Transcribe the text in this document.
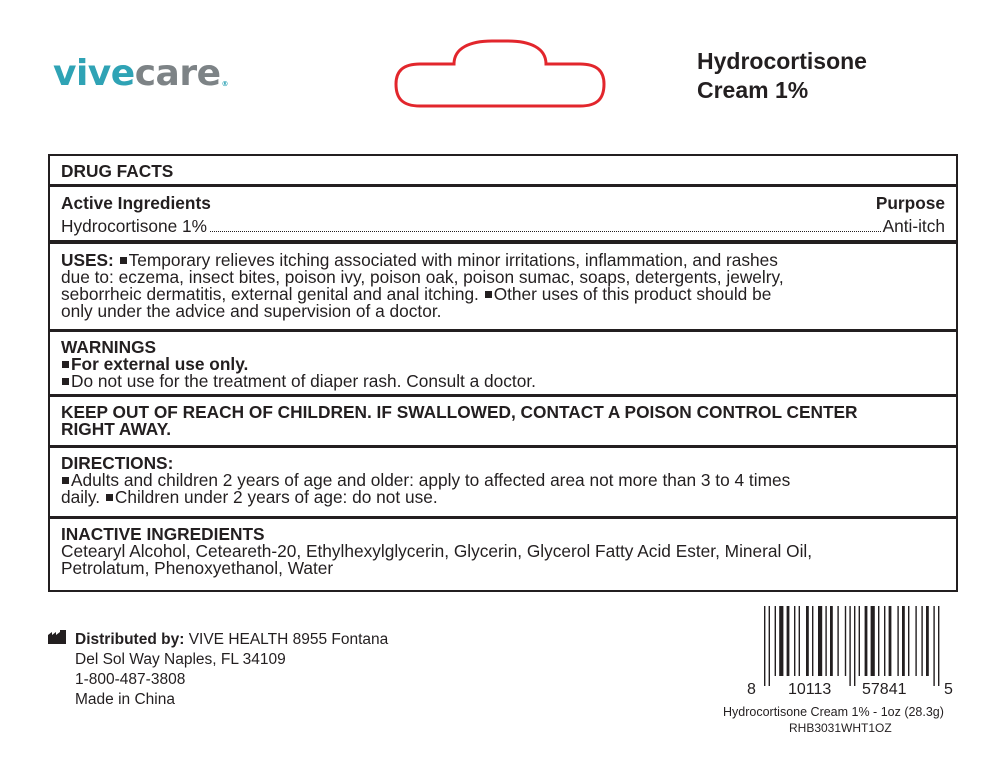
vivecare®
Hydrocortisone
Cream 1%
DRUG FACTS
Active Ingredients	Purpose
Hydrocortisone 1%	Anti-itch
USES: Temporary relieves itching associated with minor irritations, inflammation, and rashes
due to: eczema, insect bites, poison ivy, poison oak, poison sumac, soaps, detergents, jewelry,
seborrheic dermatitis, external genital and anal itching. Other uses of this product should be
only under the advice and supervision of a doctor.
WARNINGS
For external use only.
Do not use for the treatment of diaper rash. Consult a doctor.
KEEP OUT OF REACH OF CHILDREN. IF SWALLOWED, CONTACT A POISON CONTROL CENTER
RIGHT AWAY.
DIRECTIONS:
Adults and children 2 years of age and older: apply to affected area not more than 3 to 4 times
daily. Children under 2 years of age: do not use.
INACTIVE INGREDIENTS
Cetearyl Alcohol, Ceteareth-20, Ethylhexylglycerin, Glycerin, Glycerol Fatty Acid Ester, Mineral Oil,
Petrolatum, Phenoxyethanol, Water
Distributed by: VIVE HEALTH 8955 Fontana
Del Sol Way Naples, FL 34109
1-800-487-3808
Made in China
8 10113 57841 5
Hydrocortisone Cream 1% - 1oz (28.3g)
RHB3031WHT1OZ
